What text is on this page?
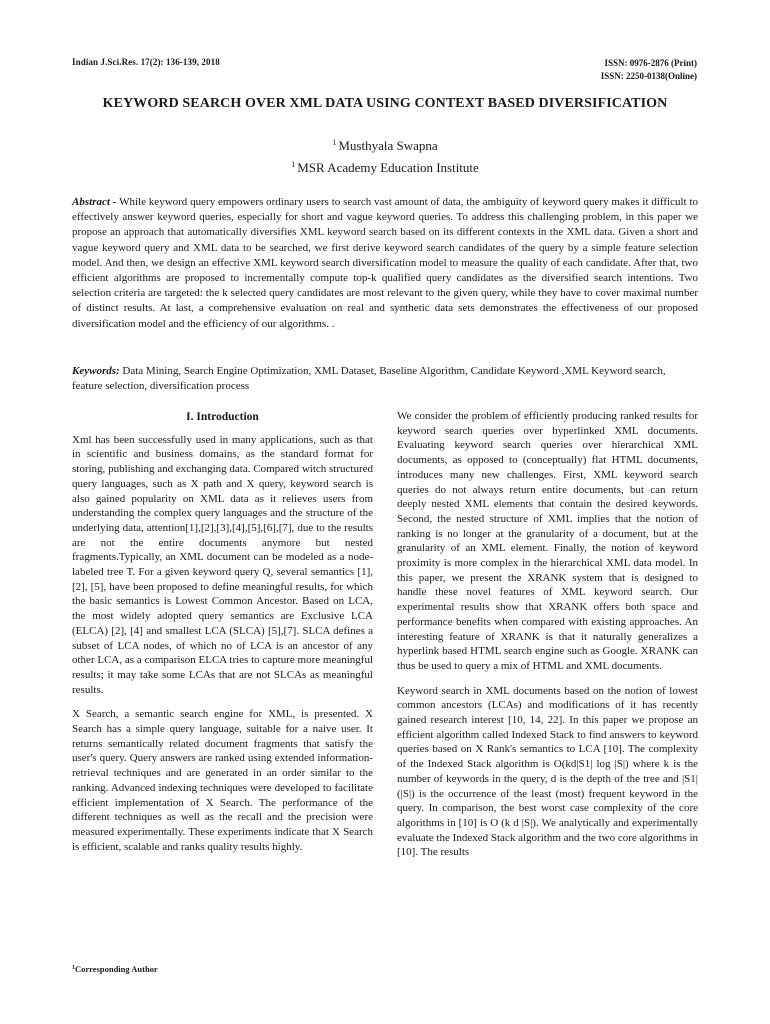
Indian J.Sci.Res. 17(2): 136-139, 2018	ISSN: 0976-2876 (Print)
ISSN: 2250-0138(Online)
KEYWORD SEARCH OVER XML DATA USING CONTEXT BASED DIVERSIFICATION
$^1$ Musthyala Swapna
$^1$ MSR Academy Education Institute
Abstract - While keyword query empowers ordinary users to search vast amount of data, the ambiguity of keyword query makes it difficult to effectively answer keyword queries, especially for short and vague keyword queries. To address this challenging problem, in this paper we propose an approach that automatically diversifies XML keyword search based on its different contexts in the XML data. Given a short and vague keyword query and XML data to be searched, we first derive keyword search candidates of the query by a simple feature selection model. And then, we design an effective XML keyword search diversification model to measure the quality of each candidate. After that, two efficient algorithms are proposed to incrementally compute top-k qualified query candidates as the diversified search intentions. Two selection criteria are targeted: the k selected query candidates are most relevant to the given query, while they have to cover maximal number of distinct results. At last, a comprehensive evaluation on real and synthetic data sets demonstrates the effectiveness of our proposed diversification model and the efficiency of our algorithms. .
Keywords: Data Mining, Search Engine Optimization, XML Dataset, Baseline Algorithm, Candidate Keyword ,XML Keyword search, feature selection, diversification process
I. Introduction

Xml has been successfully used in many applications, such as that in scientific and business domains, as the standard format for storing, publishing and exchanging data. Compared witch structured query languages, such as X path and X query, keyword search is also gained popularity on XML data as it relieves users from understanding the complex query languages and the structure of the underlying data, attention[1],[2],[3],[4],[5],[6],[7], due to the results are not the entire documents anymore but nested fragments.Typically, an XML document can be modeled as a node-labeled tree T. For a given keyword query Q, several semantics [1],[2], [5], have been proposed to define meaningful results, for which the basic semantics is Lowest Common Ancestor. Based on LCA, the most widely adopted query semantics are Exclusive LCA (ELCA) [2], [4] and smallest LCA (SLCA) [5],[7]. SLCA defines a subset of LCA nodes, of which no of LCA is an ancestor of any other LCA, as a comparison ELCA tries to capture more meaningful results; it may take some LCAs that are not SLCAs as meaningful results.

X Search, a semantic search engine for XML, is presented. X Search has a simple query language, suitable for a naive user. It returns semantically related document fragments that satisfy the user's query. Query answers are ranked using extended information-retrieval techniques and are generated in an order similar to the ranking. Advanced indexing techniques were developed to facilitate efficient implementation of X Search. The performance of the different techniques as well as the recall and the precision were measured experimentally. These experiments indicate that X Search is efficient, scalable and ranks quality results highly.

We consider the problem of efficiently producing ranked results for keyword search queries over hyperlinked XML documents. Evaluating keyword search queries over hierarchical XML documents, as opposed to (conceptually) flat HTML documents, introduces many new challenges. First, XML keyword search queries do not always return entire documents, but can return deeply nested XML elements that contain the desired keywords. Second, the nested structure of XML implies that the notion of ranking is no longer at the granularity of a document, but at the granularity of an XML element. Finally, the notion of keyword proximity is more complex in the hierarchical XML data model. In this paper, we present the XRANK system that is designed to handle these novel features of XML keyword search. Our experimental results show that XRANK offers both space and performance benefits when compared with existing approaches. An interesting feature of XRANK is that it naturally generalizes a hyperlink based HTML search engine such as Google. XRANK can thus be used to query a mix of HTML and XML documents.

Keyword search in XML documents based on the notion of lowest common ancestors (LCAs) and modifications of it has recently gained research interest [10, 14, 22]. In this paper we propose an efficient algorithm called Indexed Stack to find answers to keyword queries based on X Rank's semantics to LCA [10]. The complexity of the Indexed Stack algorithm is O(kd|S1| log |S|) where k is the number of keywords in the query, d is the depth of the tree and |S1| (|S|) is the occurrence of the least (most) frequent keyword in the query. In comparison, the best worst case complexity of the core algorithms in [10] is O (k d |S|). We analytically and experimentally evaluate the Indexed Stack algorithm and the two core algorithms in [10]. The results

$^1$Corresponding Author
